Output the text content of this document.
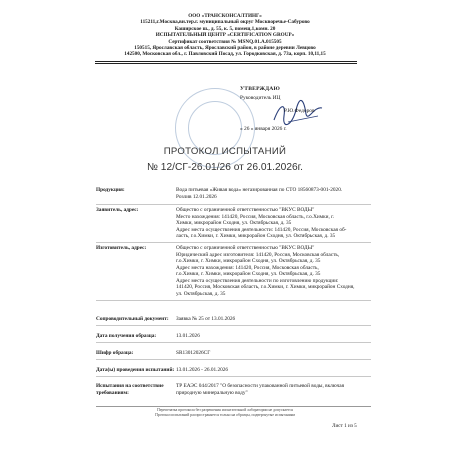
ООО «ТРАНСКОНСАЛТИНГ»
115211,г.Москва,вн.тер.г. муниципальный округ Москворечье-Сабурово
Каширское ш., д. 55, к. 5, помещ.1,комн. 20
ИСПЫТАТЕЛЬНЫЙ ЦЕНТР «CERTIFICATION GROUP»
Сертификат соответствия № МSNQ.01.А.015505
150515, Ярославская область, Ярославский район, в районе деревни Левцово
142500, Московская обл., г. Павловский Посад, ул. Городковская, д. 73а, корп. 10,11,15
УТВЕРЖДАЮ
Руководитель ИЦ
Р.Ю.Федоров
« 26 » января 2026 г.
ПРОТОКОЛ ИСПЫТАНИЙ
№ 12/СГ-26.01/26 от 26.01.2026г.
Продукция:	Вода питьевая «Живая вода» негазированная по СТО 18560873-001-2020.
Розлив 12.01.2026
Заявитель, адрес:	Общество с ограниченной ответственностью "ВКУС ВОДЫ"
Место нахождения: 141420, Россия, Московская область, г.о.Химки, г.
Химки, микрорайон Сходня, ул. Октябрьская, д. 35
Адрес места осуществления деятельности: 141420, Россия, Московская об-
ласть, г.о.Химки, г. Химки, микрорайон Сходня, ул. Октябрьская, д. 35
Изготовитель, адрес:	Общество с ограниченной ответственностью "ВКУС ВОДЫ"
Юридический адрес изготовителя: 141420, Россия, Московская область,
г.о.Химки, г. Химки, микрорайон Сходня, ул. Октябрьская, д. 35
Адрес места нахождения: 141420, Россия, Московская область,
г.о.Химки, г. Химки, микрорайон Сходня, ул. Октябрьская, д. 35
Адрес места осуществления деятельности по изготовлению продукции:
141420, Россия, Московская область, г.о.Химки, г. Химки, микрорайон Сходня,
ул. Октябрьская, д. 35
Сопроводительный документ:	Заявка № 25 от 13.01.2026
Дата получения образца:	13.01.2026
Шифр образца:	SR13012026СГ
Дата(ы) проведения испытаний: 13.01.2026 - 26.01.2026
Испытания на соответствие требованиям:
ТР ЕАЭС 044/2017 "О безопасности упакованной питьевой воды, включая
природную минеральную воду"
Перепечатка протокола без разрешения испытательной лаборатории не допускается
Протокол испытаний распространяется только на образцы, подвергнутые испытаниям
Лист 1 из 5
